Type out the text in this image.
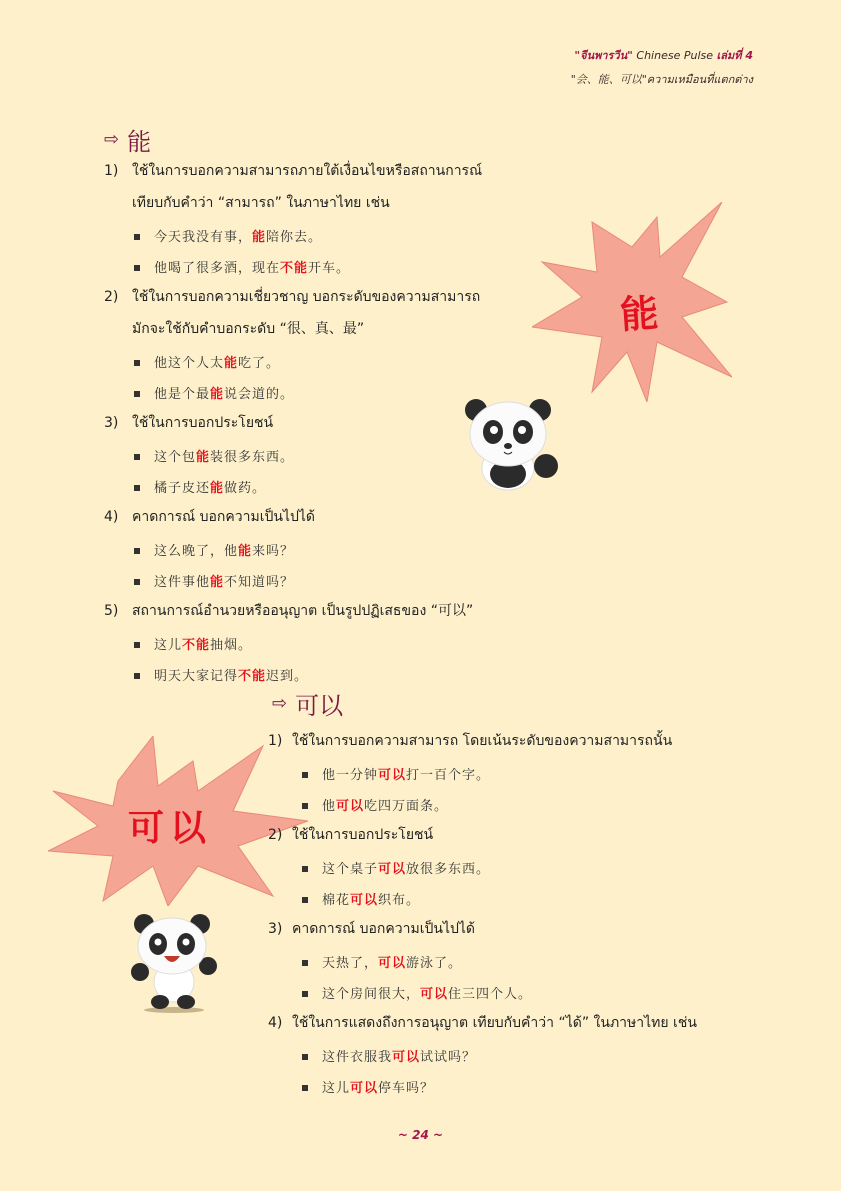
"จีนพารวีน" Chinese Pulse เล่มที่ 4
"会、能、可以"ความเหมือนที่แตกต่าง
能
可以
⇨ 能
1) ใช้ในการบอกความสามารถภายใต้เงื่อนไขหรือสถานการณ์
เทียบกับคำว่า “สามารถ” ในภาษาไทย เช่น
今天我没有事，能陪你去。
他喝了很多酒，现在不能开车。
2) ใช้ในการบอกความเชี่ยวชาญ บอกระดับของความสามารถ
มักจะใช้กับคำบอกระดับ “很、真、最”
他这个人太能吃了。
他是个最能说会道的。
3) ใช้ในการบอกประโยชน์
这个包能装很多东西。
橘子皮还能做药。
4) คาดการณ์ บอกความเป็นไปได้
这么晚了，他能来吗？
这件事他能不知道吗？
5) สถานการณ์อำนวยหรืออนุญาต เป็นรูปปฏิเสธของ “可以”
这儿不能抽烟。
明天大家记得不能迟到。
⇨ 可以
1) ใช้ในการบอกความสามารถ โดยเน้นระดับของความสามารถนั้น
他一分钟可以打一百个字。
他可以吃四万面条。
2) ใช้ในการบอกประโยชน์
这个桌子可以放很多东西。
棉花可以织布。
3) คาดการณ์ บอกความเป็นไปได้
天热了，可以游泳了。
这个房间很大，可以住三四个人。
4) ใช้ในการแสดงถึงการอนุญาต เทียบกับคำว่า “ได้” ในภาษาไทย เช่น
这件衣服我可以试试吗？
这儿可以停车吗？
~ 24 ~
